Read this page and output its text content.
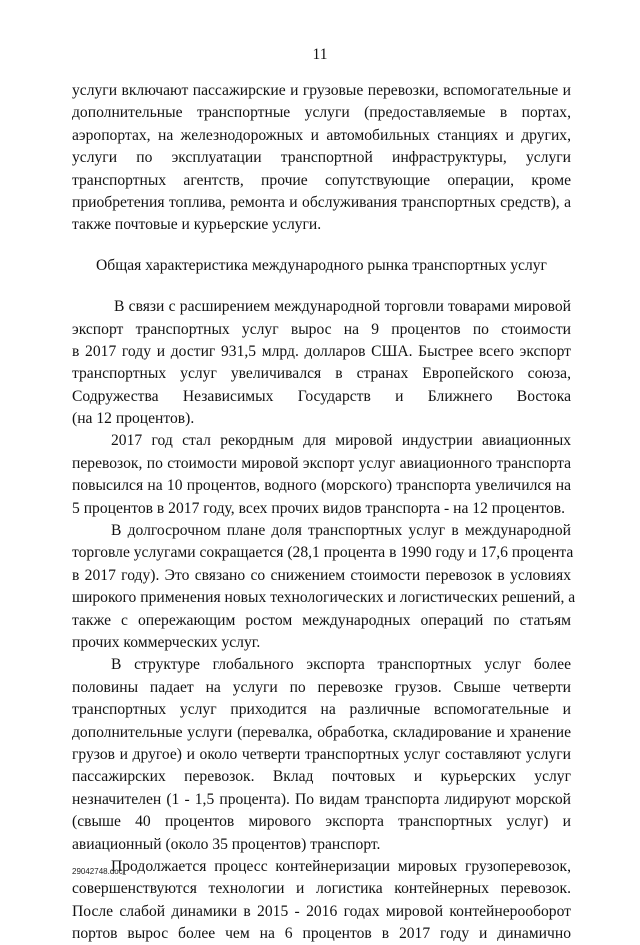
11
услуги включают пассажирские и грузовые перевозки, вспомогательные и
дополнительные транспортные услуги (предоставляемые в портах,
аэропортах, на железнодорожных и автомобильных станциях и других,
услуги по эксплуатации транспортной инфраструктуры, услуги
транспортных агентств, прочие сопутствующие операции, кроме
приобретения топлива, ремонта и обслуживания транспортных средств), а
также почтовые и курьерские услуги.
Общая характеристика международного рынка транспортных услуг
В связи с расширением международной торговли товарами мировой
экспорт транспортных услуг вырос на 9 процентов по стоимости
в 2017 году и достиг 931,5 млрд. долларов США. Быстрее всего экспорт
транспортных услуг увеличивался в странах Европейского союза,
Содружества Независимых Государств и Ближнего Востока
(на 12 процентов).
2017 год стал рекордным для мировой индустрии авиационных
перевозок, по стоимости мировой экспорт услуг авиационного транспорта
повысился на 10 процентов, водного (морского) транспорта увеличился на
5 процентов в 2017 году, всех прочих видов транспорта - на 12 процентов.
В долгосрочном плане доля транспортных услуг в международной
торговле услугами сокращается (28,1 процента в 1990 году и 17,6 процента
в 2017 году). Это связано со снижением стоимости перевозок в условиях
широкого применения новых технологических и логистических решений, а
также с опережающим ростом международных операций по статьям
прочих коммерческих услуг.
В структуре глобального экспорта транспортных услуг более
половины падает на услуги по перевозке грузов. Свыше четверти
транспортных услуг приходится на различные вспомогательные и
дополнительные услуги (перевалка, обработка, складирование и хранение
грузов и другое) и около четверти транспортных услуг составляют услуги
пассажирских перевозок. Вклад почтовых и курьерских услуг
незначителен (1 - 1,5 процента). По видам транспорта лидируют морской
(свыше 40 процентов мирового экспорта транспортных услуг) и
авиационный (около 35 процентов) транспорт.
Продолжается процесс контейнеризации мировых грузоперевозок,
совершенствуются технологии и логистика контейнерных перевозок.
После слабой динамики в 2015 - 2016 годах мировой контейнерооборот
портов вырос более чем на 6 процентов в 2017 году и динамично
29042748.doc
